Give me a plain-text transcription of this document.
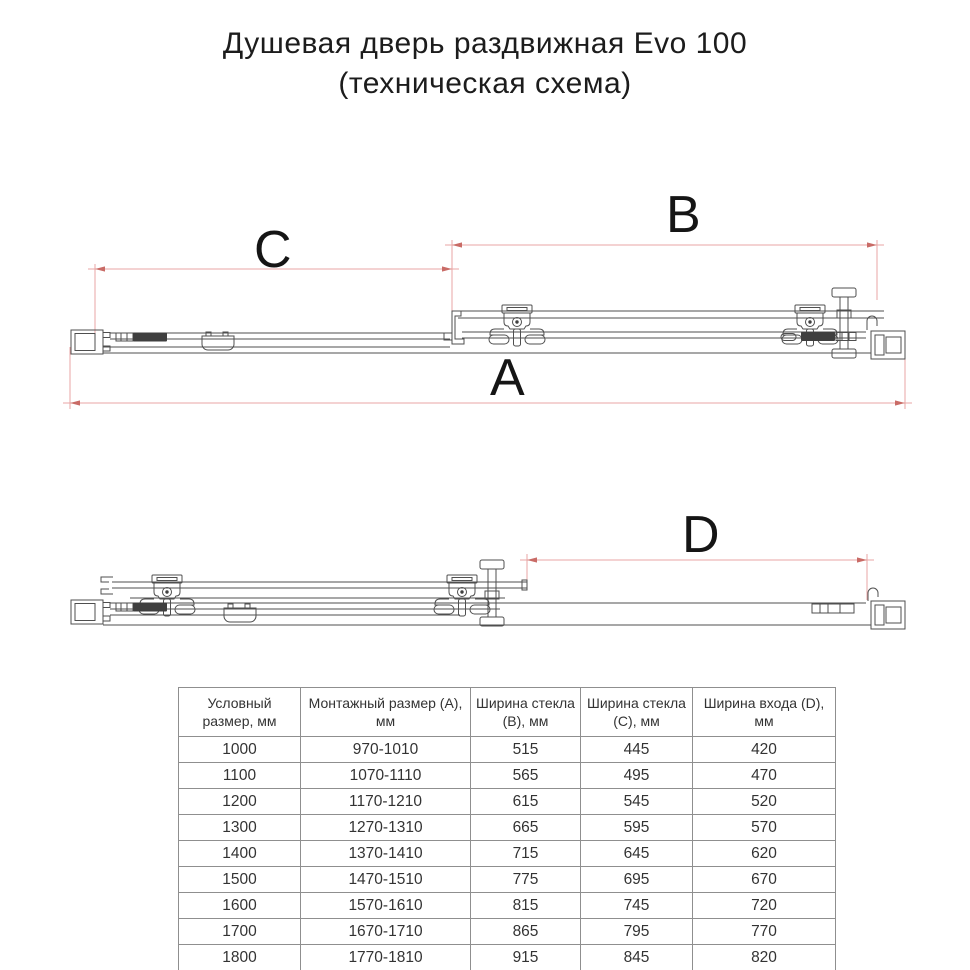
Душевая дверь раздвижная Evo 100
(техническая схема)
C
B
A
D
Условный размер, мм	Монтажный размер (А), мм	Ширина стекла (В), мм	Ширина стекла (С), мм	Ширина входа (D), мм
1000	970-1010	515	445	420
1100	1070-1110	565	495	470
1200	1170-1210	615	545	520
1300	1270-1310	665	595	570
1400	1370-1410	715	645	620
1500	1470-1510	775	695	670
1600	1570-1610	815	745	720
1700	1670-1710	865	795	770
1800	1770-1810	915	845	820
